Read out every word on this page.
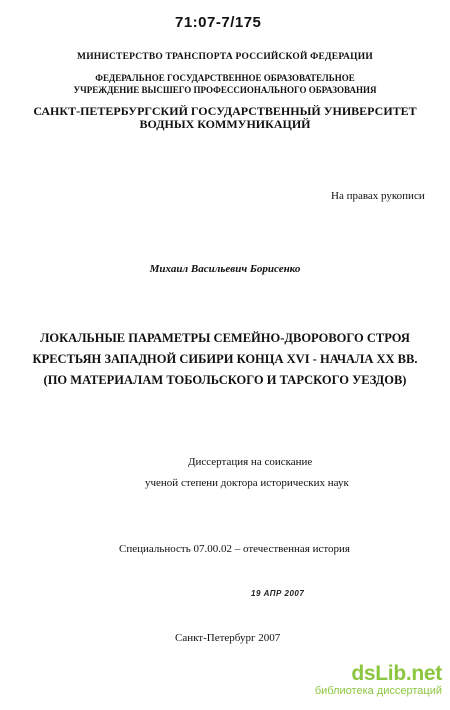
71:07-7/175
МИНИСТЕРСТВО ТРАНСПОРТА РОССИЙСКОЙ ФЕДЕРАЦИИ
ФЕДЕРАЛЬНОЕ ГОСУДАРСТВЕННОЕ ОБРАЗОВАТЕЛЬНОЕ
УЧРЕЖДЕНИЕ ВЫСШЕГО ПРОФЕССИОНАЛЬНОГО ОБРАЗОВАНИЯ
САНКТ-ПЕТЕРБУРГСКИЙ ГОСУДАРСТВЕННЫЙ УНИВЕРСИТЕТ
ВОДНЫХ КОММУНИКАЦИЙ
На правах рукописи
Михаил Васильевич Борисенко
ЛОКАЛЬНЫЕ ПАРАМЕТРЫ СЕМЕЙНО-ДВОРОВОГО СТРОЯ
КРЕСТЬЯН ЗАПАДНОЙ СИБИРИ КОНЦА XVI - НАЧАЛА XX ВВ.
(ПО МАТЕРИАЛАМ ТОБОЛЬСКОГО И ТАРСКОГО УЕЗДОВ)
Диссертация на соискание
ученой степени доктора исторических наук
Специальность 07.00.02 – отечественная история
19 АПР 2007
Санкт-Петербург 2007
dsLib.net
библиотека диссертаций
